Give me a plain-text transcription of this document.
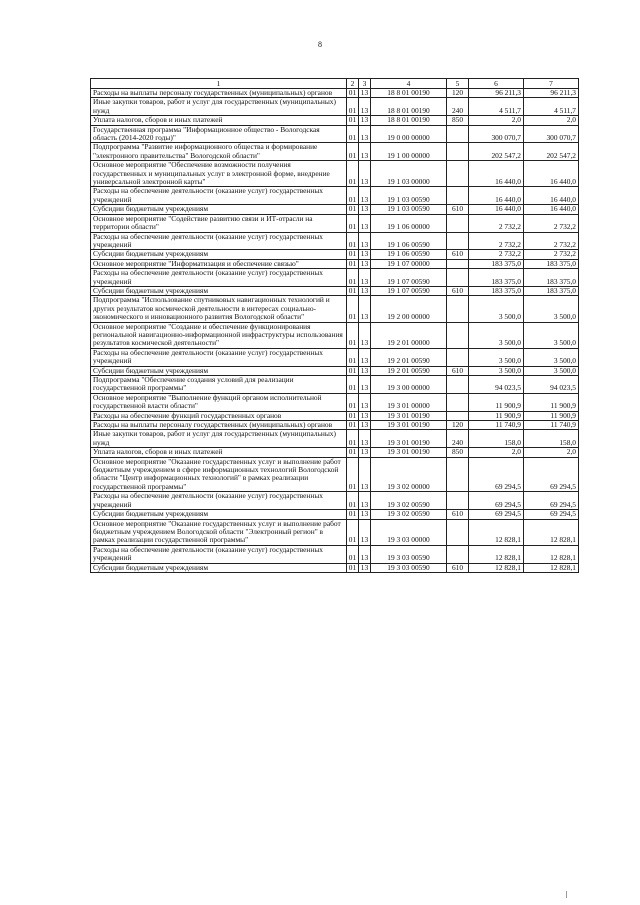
8
1	2	3	4	5	6	7
Расходы на выплаты персоналу государственных (муниципальных) органов	01	13	18 8 01 00190	120	96 211,3	96 211,3
Иные закупки товаров, работ и услуг для государственных (муниципальных) нужд	01	13	18 8 01 00190	240	4 511,7	4 511,7
Уплата налогов, сборов и иных платежей	01	13	18 8 01 00190	850	2,0	2,0
Государственная программа "Информационное общество - Вологодская область (2014-2020 годы)"	01	13	19 0 00 00000		300 070,7	300 070,7
Подпрограмма "Развитие информационного общества и формирование "электронного правительства" Вологодской области"	01	13	19 1 00 00000		202 547,2	202 547,2
Основное мероприятие "Обеспечение возможности получения государственных и муниципальных услуг в электронной форме, внедрение универсальной электронной карты"	01	13	19 1 03 00000		16 440,0	16 440,0
Расходы на обеспечение деятельности (оказание услуг) государственных учреждений	01	13	19 1 03 00590		16 440,0	16 440,0
Субсидии бюджетным учреждениям	01	13	19 1 03 00590	610	16 440,0	16 440,0
Основное мероприятие "Содействие развитию связи и ИТ-отрасли на территории области"	01	13	19 1 06 00000		2 732,2	2 732,2
Расходы на обеспечение деятельности (оказание услуг) государственных учреждений	01	13	19 1 06 00590		2 732,2	2 732,2
Субсидии бюджетным учреждениям	01	13	19 1 06 00590	610	2 732,2	2 732,2
Основное мероприятие "Информатизация и обеспечение связью"	01	13	19 1 07 00000		183 375,0	183 375,0
Расходы на обеспечение деятельности (оказание услуг) государственных учреждений	01	13	19 1 07 00590		183 375,0	183 375,0
Субсидии бюджетным учреждениям	01	13	19 1 07 00590	610	183 375,0	183 375,0
Подпрограмма "Использование спутниковых навигационных технологий и других результатов космической деятельности в интересах социально-экономического и инновационного развития Вологодской области"	01	13	19 2 00 00000		3 500,0	3 500,0
Основное мероприятие "Создание и обеспечение функционирования региональной навигационно-информационной инфраструктуры использования результатов космической деятельности"	01	13	19 2 01 00000		3 500,0	3 500,0
Расходы на обеспечение деятельности (оказание услуг) государственных учреждений	01	13	19 2 01 00590		3 500,0	3 500,0
Субсидии бюджетным учреждениям	01	13	19 2 01 00590	610	3 500,0	3 500,0
Подпрограмма "Обеспечение создания условий для реализации государственной программы"	01	13	19 3 00 00000		94 023,5	94 023,5
Основное мероприятие "Выполнение функций органом исполнительной государственной власти области"	01	13	19 3 01 00000		11 900,9	11 900,9
Расходы на обеспечение функций государственных органов	01	13	19 3 01 00190		11 900,9	11 900,9
Расходы на выплаты персоналу государственных (муниципальных) органов	01	13	19 3 01 00190	120	11 740,9	11 740,9
Иные закупки товаров, работ и услуг для государственных (муниципальных) нужд	01	13	19 3 01 00190	240	158,0	158,0
Уплата налогов, сборов и иных платежей	01	13	19 3 01 00190	850	2,0	2,0
Основное мероприятие "Оказание государственных услуг и выполнение работ бюджетным учреждением в сфере информационных технологий Вологодской области "Центр информационных технологий" в рамках реализации государственной программы"	01	13	19 3 02 00000		69 294,5	69 294,5
Расходы на обеспечение деятельности (оказание услуг) государственных учреждений	01	13	19 3 02 00590		69 294,5	69 294,5
Субсидии бюджетным учреждениям	01	13	19 3 02 00590	610	69 294,5	69 294,5
Основное мероприятие "Оказание государственных услуг и выполнение работ бюджетным учреждением Вологодской области "Электронный регион" в рамках реализации государственной программы"	01	13	19 3 03 00000		12 828,1	12 828,1
Расходы на обеспечение деятельности (оказание услуг) государственных учреждений	01	13	19 3 03 00590		12 828,1	12 828,1
Субсидии бюджетным учреждениям	01	13	19 3 03 00590	610	12 828,1	12 828,1
